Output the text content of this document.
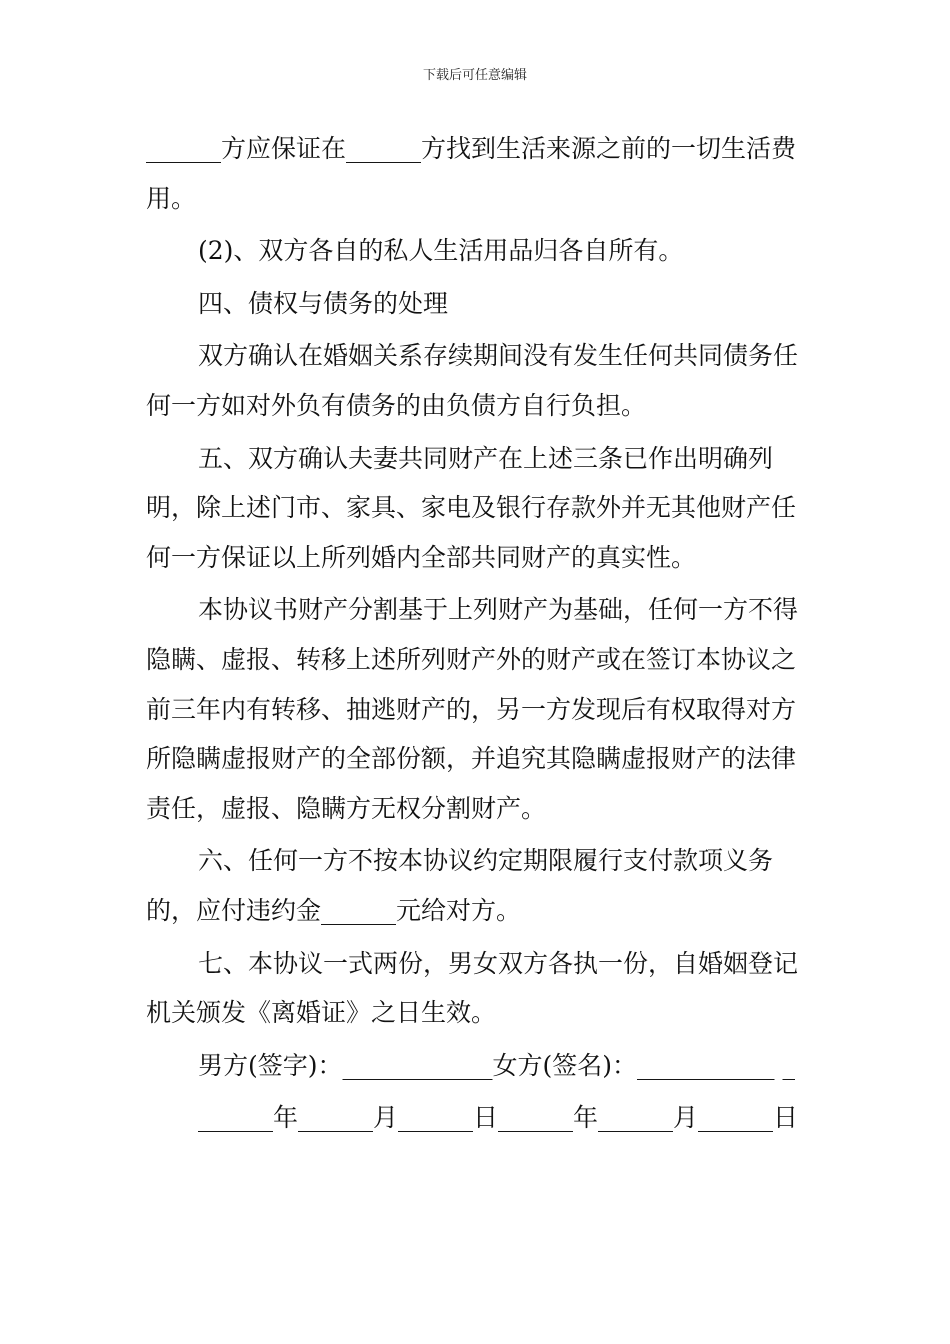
下载后可任意编辑

______方应保证在______方找到生活来源之前的一切生活费用。

(2)、双方各自的私人生活用品归各自所有。

四、债权与债务的处理

双方确认在婚姻关系存续期间没有发生任何共同债务任何一方如对外负有债务的由负债方自行负担。

五、双方确认夫妻共同财产在上述三条已作出明确列明，除上述门市、家具、家电及银行存款外并无其他财产任何一方保证以上所列婚内全部共同财产的真实性。

本协议书财产分割基于上列财产为基础，任何一方不得隐瞒、虚报、转移上述所列财产外的财产或在签订本协议之前三年内有转移、抽逃财产的，另一方发现后有权取得对方所隐瞒虚报财产的全部份额，并追究其隐瞒虚报财产的法律责任，虚报、隐瞒方无权分割财产。

六、任何一方不按本协议约定期限履行支付款项义务的，应付违约金______元给对方。

七、本协议一式两份，男女双方各执一份，自婚姻登记机关颁发《离婚证》之日生效。

男方(签字)：____________女方(签名)：___________ _

______年______月______日______年______月______日
